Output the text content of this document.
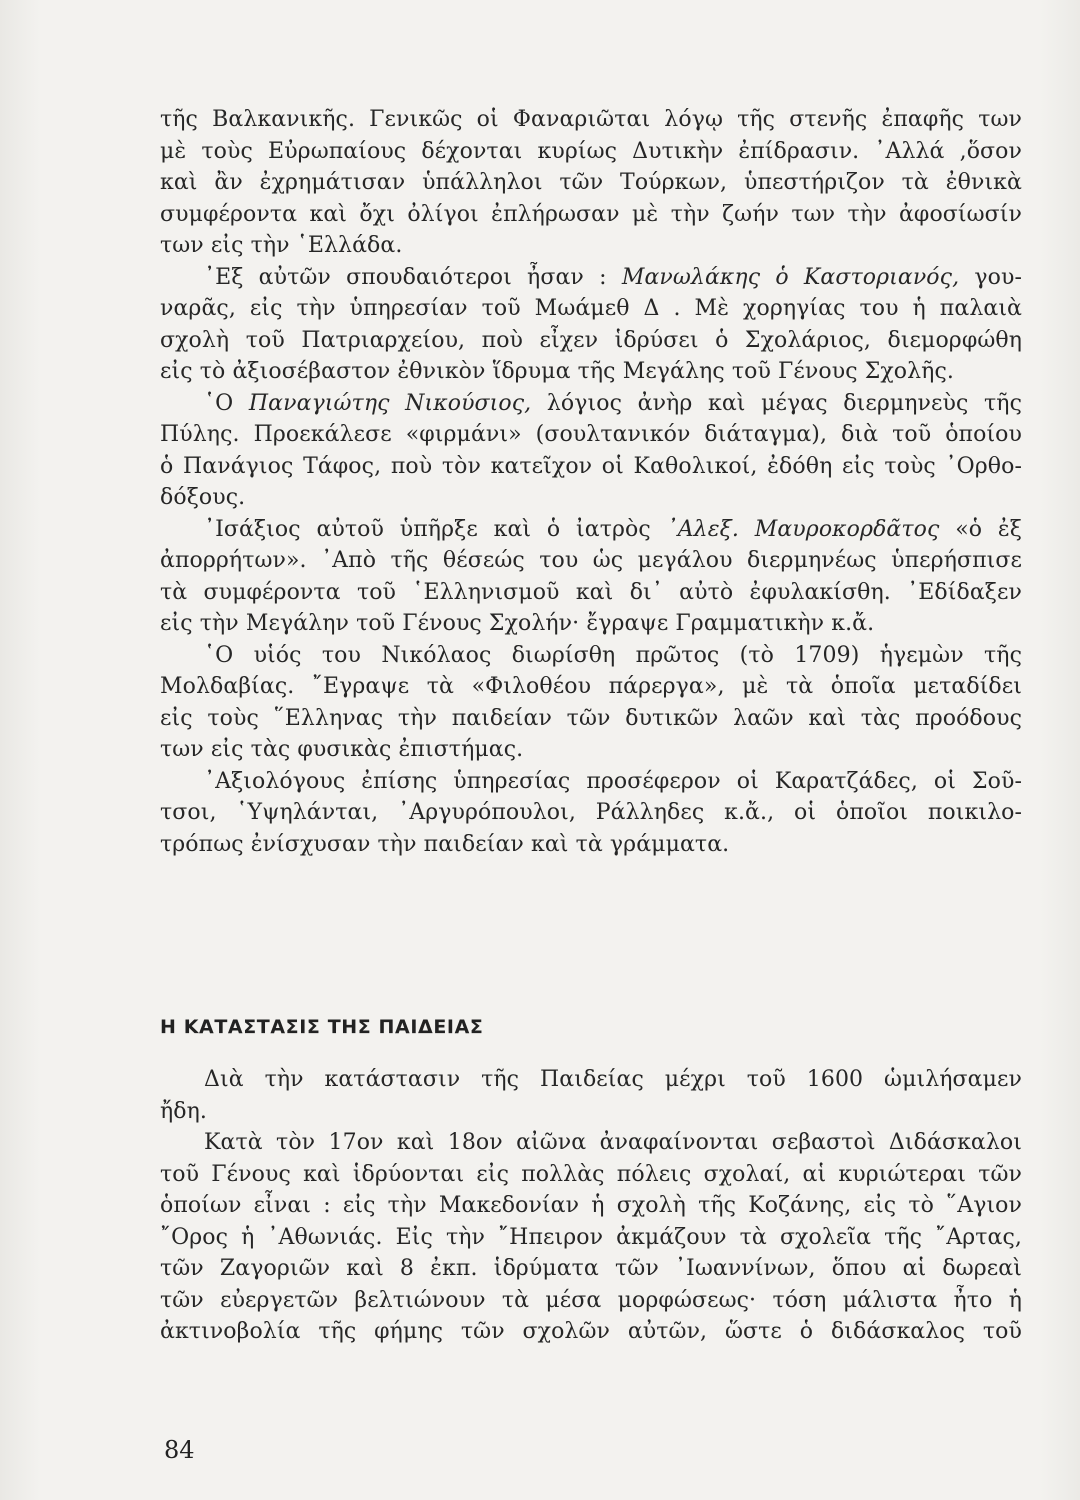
τῆς Βαλκανικῆς. Γενικῶς οἱ Φαναριῶται λόγῳ τῆς στενῆς ἐπαφῆς των
μὲ τοὺς Εὐρωπαίους δέχονται κυρίως Δυτικὴν ἐπίδρασιν. ᾿Αλλά ,ὅσον
καὶ ἂν ἐχρημάτισαν ὑπάλληλοι τῶν Τούρκων, ὑπεστήριζον τὰ ἐθνικὰ
συμφέροντα καὶ ὄχι ὀλίγοι ἐπλήρωσαν μὲ τὴν ζωήν των τὴν ἀφοσίωσίν
των εἰς τὴν ῾Ελλάδα.
᾿Εξ αὐτῶν σπουδαιότεροι ἦσαν : Μανωλάκης ὁ Καστοριανός, γου-
ναρᾶς, εἰς τὴν ὑπηρεσίαν τοῦ Μωάμεθ Δ . Μὲ χορηγίας του ἡ παλαιὰ
σχολὴ τοῦ Πατριαρχείου, ποὺ εἶχεν ἱδρύσει ὁ Σχολάριος, διεμορφώθη
εἰς τὸ ἀξιοσέβαστον ἐθνικὸν ἵδρυμα τῆς Μεγάλης τοῦ Γένους Σχολῆς.
῾Ο Παναγιώτης Νικούσιος, λόγιος ἀνὴρ καὶ μέγας διερμηνεὺς τῆς
Πύλης. Προεκάλεσε «φιρμάνι» (σουλτανικόν διάταγμα), διὰ τοῦ ὁποίου
ὁ Πανάγιος Τάφος, ποὺ τὸν κατεῖχον οἱ Καθολικοί, ἐδόθη εἰς τοὺς ᾿Ορθο-
δόξους.
᾿Ισάξιος αὐτοῦ ὑπῆρξε καὶ ὁ ἰατρὸς ᾿Αλεξ. Μαυροκορδᾶτος «ὁ ἐξ
ἀπορρήτων». ᾿Απὸ τῆς θέσεώς του ὡς μεγάλου διερμηνέως ὑπερήσπισε
τὰ συμφέροντα τοῦ ῾Ελληνισμοῦ καὶ δι᾿ αὐτὸ ἐφυλακίσθη. ᾿Εδίδαξεν
εἰς τὴν Μεγάλην τοῦ Γένους Σχολήν· ἔγραψε Γραμματικὴν κ.ἄ.
῾Ο υἱός του Νικόλαος διωρίσθη πρῶτος (τὸ 1709) ἡγεμὼν τῆς
Μολδαβίας. ῎Εγραψε τὰ «Φιλοθέου πάρεργα», μὲ τὰ ὁποῖα μεταδίδει
εἰς τοὺς ῞Ελληνας τὴν παιδείαν τῶν δυτικῶν λαῶν καὶ τὰς προόδους
των εἰς τὰς φυσικὰς ἐπιστήμας.
᾿Αξιολόγους ἐπίσης ὑπηρεσίας προσέφερον οἱ Καρατζάδες, οἱ Σοῦ-
τσοι, ῾Υψηλάνται, ᾿Αργυρόπουλοι, Ράλληδες κ.ἄ., οἱ ὁποῖοι ποικιλο-
τρόπως ἐνίσχυσαν τὴν παιδείαν καὶ τὰ γράμματα.
Η ΚΑΤΑΣΤΑΣΙΣ ΤΗΣ ΠΑΙΔΕΙΑΣ
Διὰ τὴν κατάστασιν τῆς Παιδείας μέχρι τοῦ 1600 ὡμιλήσαμεν
ἤδη.
Κατὰ τὸν 17ον καὶ 18ον αἰῶνα ἀναφαίνονται σεβαστοὶ Διδάσκαλοι
τοῦ Γένους καὶ ἱδρύονται εἰς πολλὰς πόλεις σχολαί, αἱ κυριώτεραι τῶν
ὁποίων εἶναι : εἰς τὴν Μακεδονίαν ἡ σχολὴ τῆς Κοζάνης, εἰς τὸ ῞Αγιον
῎Ορος ἡ ᾿Αθωνιάς. Εἰς τὴν ῎Ηπειρον ἀκμάζουν τὰ σχολεῖα τῆς ῎Αρτας,
τῶν Ζαγοριῶν καὶ 8 ἐκπ. ἱδρύματα τῶν ᾿Ιωαννίνων, ὅπου αἱ δωρεαὶ
τῶν εὐεργετῶν βελτιώνουν τὰ μέσα μορφώσεως· τόση μάλιστα ἦτο ἡ
ἀκτινοβολία τῆς φήμης τῶν σχολῶν αὐτῶν, ὥστε ὁ διδάσκαλος τοῦ
84
